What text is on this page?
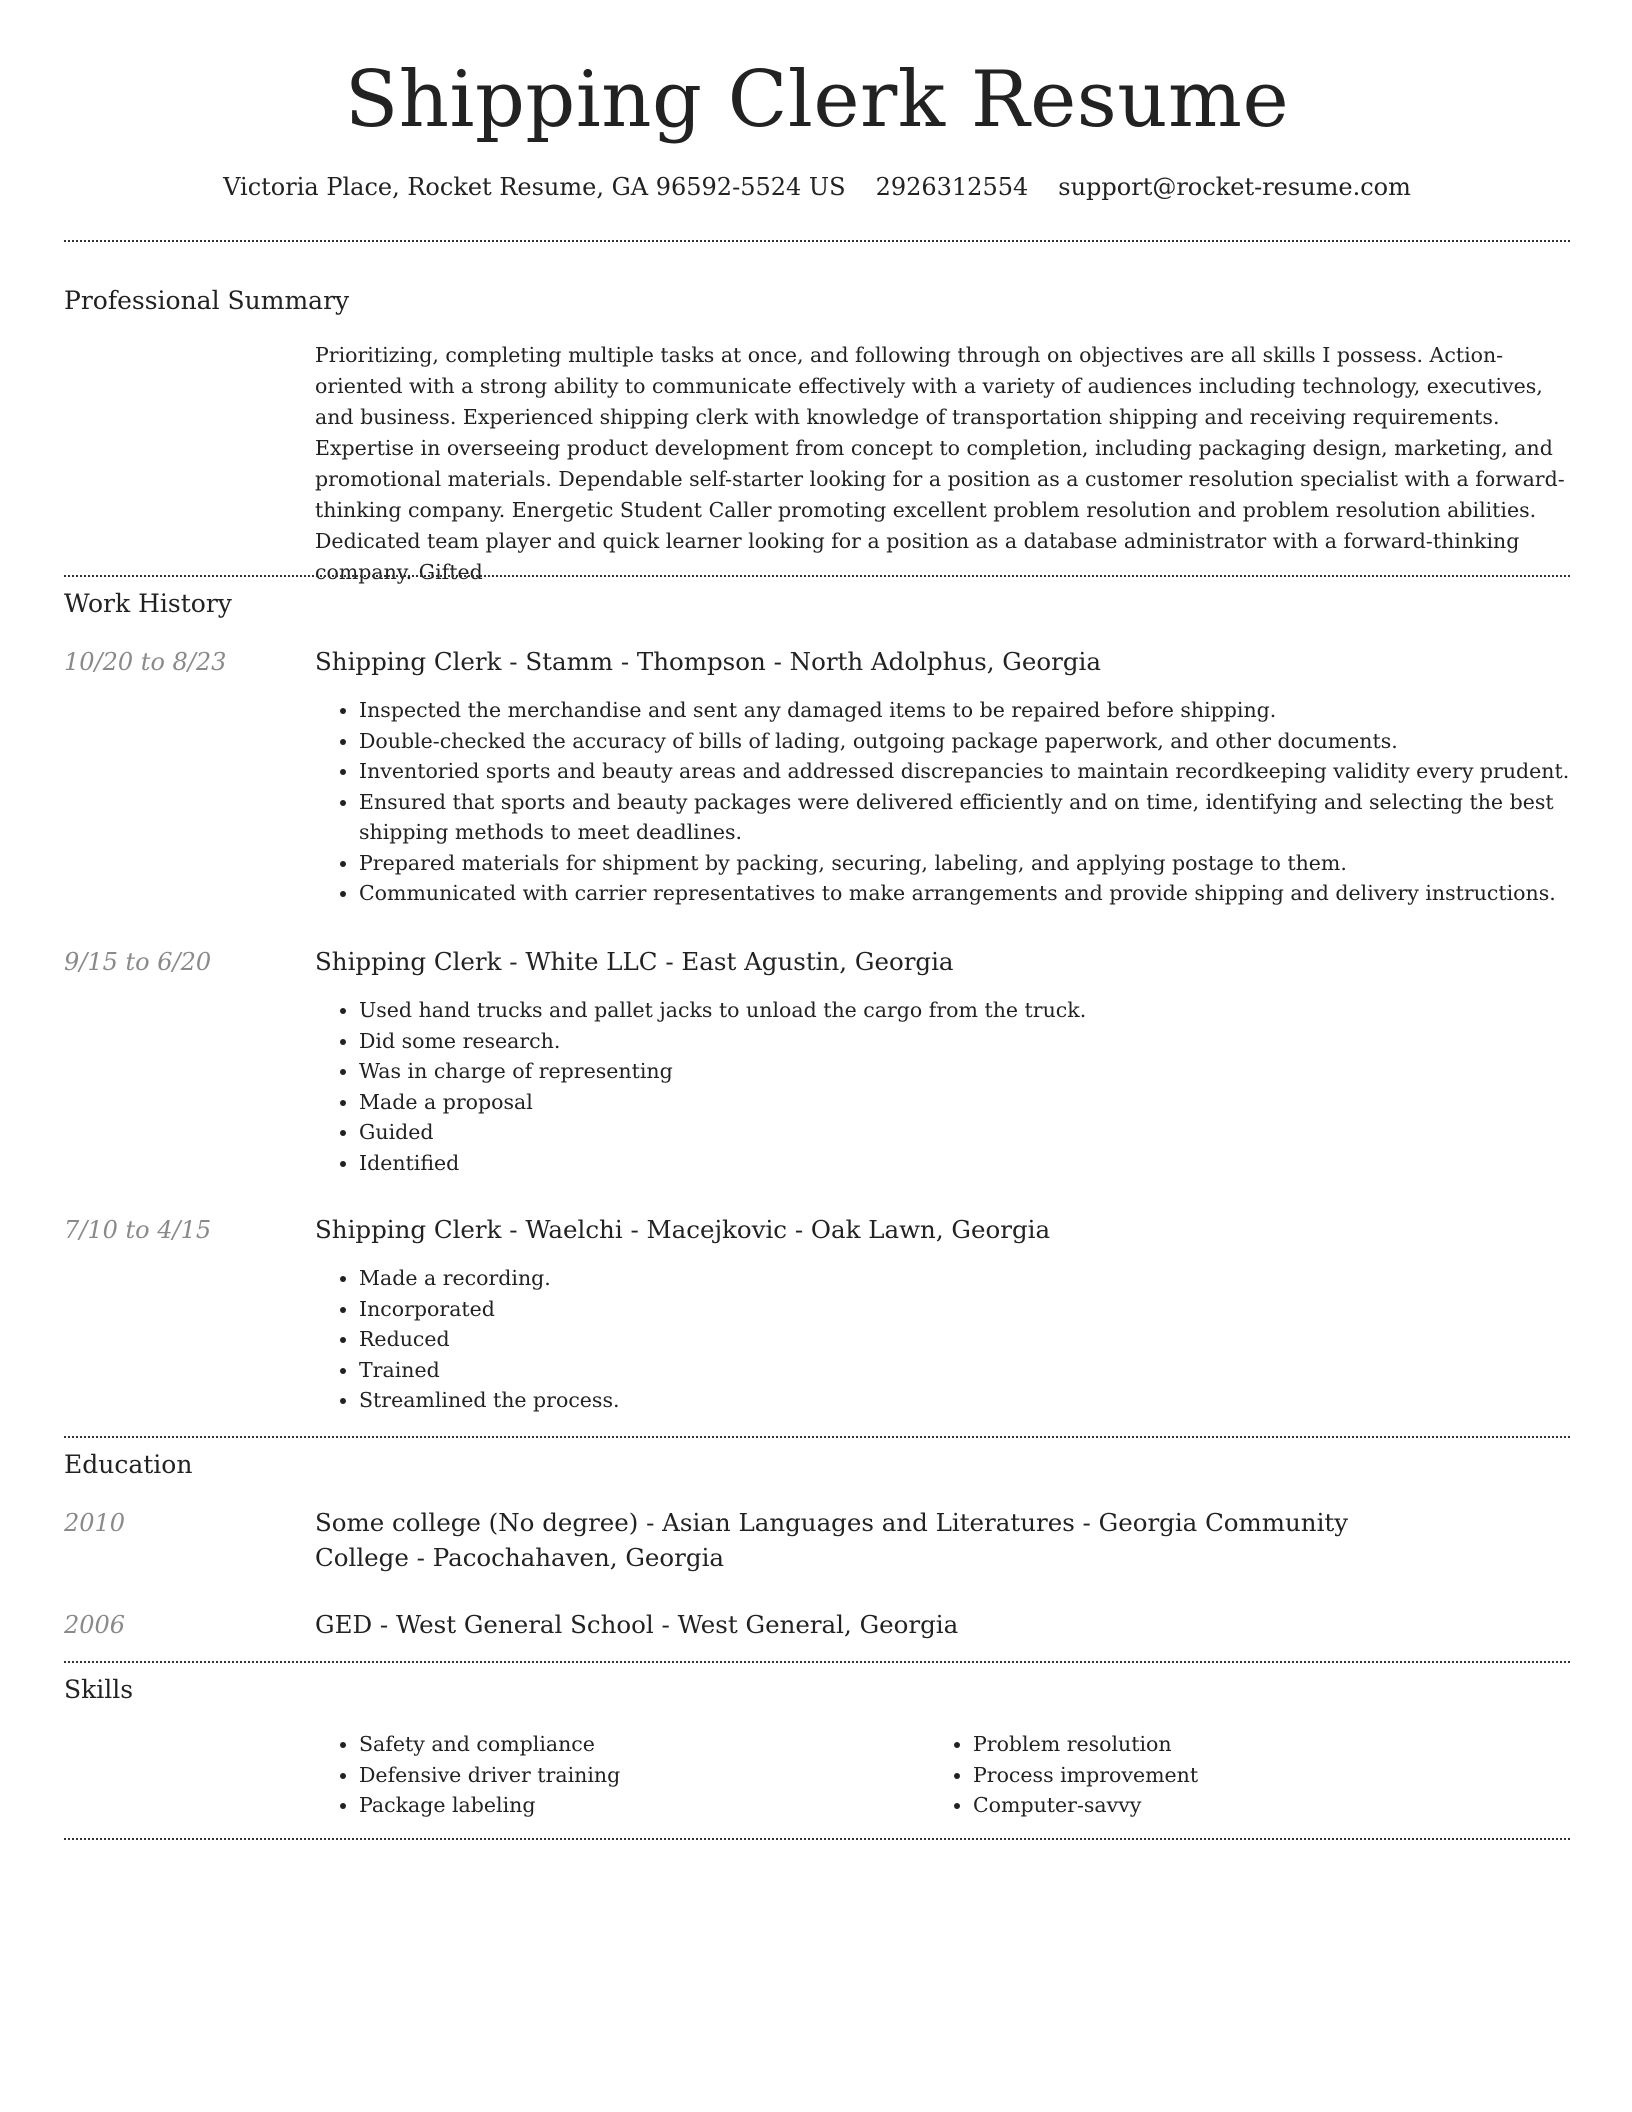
Shipping Clerk Resume
Victoria Place, Rocket Resume, GA 96592-5524 US 2926312554 support@rocket-resume.com
Professional Summary
Prioritizing, completing multiple tasks at once, and following through on objectives are all skills I possess. Action-oriented with a strong ability to communicate effectively with a variety of audiences including technology, executives, and business. Experienced shipping clerk with knowledge of transportation shipping and receiving requirements. Expertise in overseeing product development from concept to completion, including packaging design, marketing, and promotional materials. Dependable self-starter looking for a position as a customer resolution specialist with a forward-thinking company. Energetic Student Caller promoting excellent problem resolution and problem resolution abilities. Dedicated team player and quick learner looking for a position as a database administrator with a forward-thinking company. Gifted
Work History
10/20 to 8/23	Shipping Clerk - Stamm - Thompson - North Adolphus, Georgia
• Inspected the merchandise and sent any damaged items to be repaired before shipping.
• Double-checked the accuracy of bills of lading, outgoing package paperwork, and other documents.
• Inventoried sports and beauty areas and addressed discrepancies to maintain recordkeeping validity every prudent.
• Ensured that sports and beauty packages were delivered efficiently and on time, identifying and selecting the best shipping methods to meet deadlines.
• Prepared materials for shipment by packing, securing, labeling, and applying postage to them.
• Communicated with carrier representatives to make arrangements and provide shipping and delivery instructions.
9/15 to 6/20	Shipping Clerk - White LLC - East Agustin, Georgia
• Used hand trucks and pallet jacks to unload the cargo from the truck.
• Did some research.
• Was in charge of representing
• Made a proposal
• Guided
• Identified
7/10 to 4/15	Shipping Clerk - Waelchi - Macejkovic - Oak Lawn, Georgia
• Made a recording.
• Incorporated
• Reduced
• Trained
• Streamlined the process.
Education
2010	Some college (No degree) - Asian Languages and Literatures - Georgia Community College - Pacochahaven, Georgia
2006	GED - West General School - West General, Georgia
Skills
• Safety and compliance
• Defensive driver training
• Package labeling
• Problem resolution
• Process improvement
• Computer-savvy
